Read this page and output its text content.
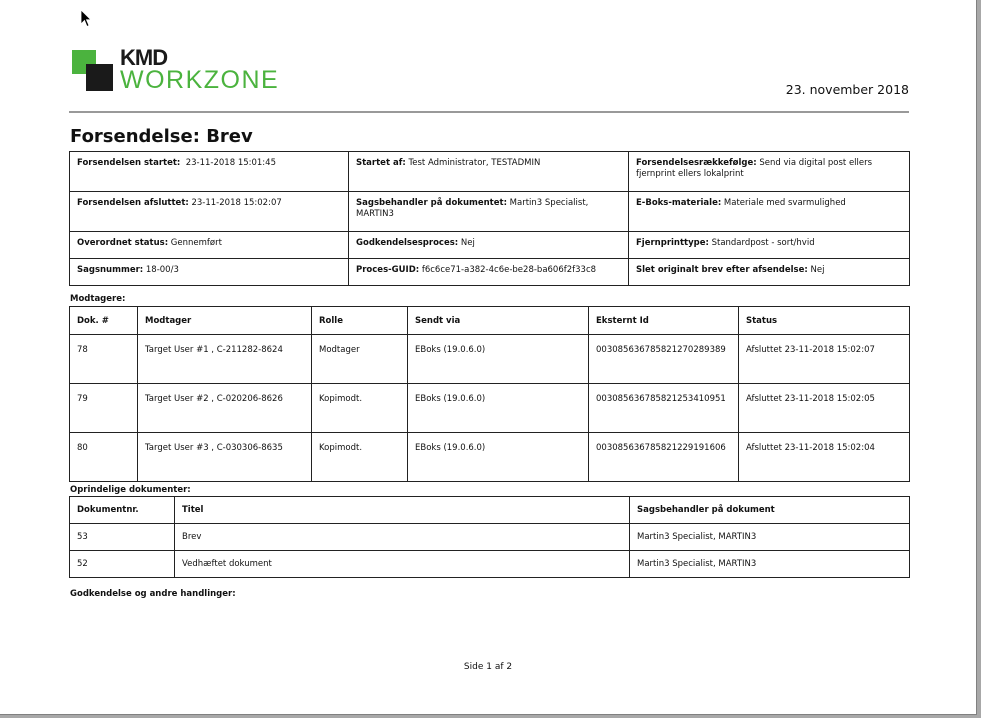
KMD
WORKZONE	23. november 2018
Forsendelse: Brev
Forsendelsen startet:  23-11-2018 15:01:45	Startet af: Test Administrator, TESTADMIN	Forsendelsesrækkefølge: Send via digital post ellers fjernprint ellers lokalprint
Forsendelsen afsluttet: 23-11-2018 15:02:07	Sagsbehandler på dokumentet: Martin3 Specialist, MARTIN3	E-Boks-materiale: Materiale med svarmulighed
Overordnet status: Gennemført	Godkendelsesproces: Nej	Fjernprinttype: Standardpost - sort/hvid
Sagsnummer: 18-00/3	Proces-GUID: f6c6ce71-a382-4c6e-be28-ba606f2f33c8	Slet originalt brev efter afsendelse: Nej
Modtagere:
Dok. #	Modtager	Rolle	Sendt via	Eksternt Id	Status
78	Target User #1 , C-211282-8624	Modtager	EBoks (19.0.6.0)	003085636785821270289389	Afsluttet 23-11-2018 15:02:07
79	Target User #2 , C-020206-8626	Kopimodt.	EBoks (19.0.6.0)	003085636785821253410951	Afsluttet 23-11-2018 15:02:05
80	Target User #3 , C-030306-8635	Kopimodt.	EBoks (19.0.6.0)	003085636785821229191606	Afsluttet 23-11-2018 15:02:04
Oprindelige dokumenter:
Dokumentnr.	Titel	Sagsbehandler på dokument
53	Brev	Martin3 Specialist, MARTIN3
52	Vedhæftet dokument	Martin3 Specialist, MARTIN3
Godkendelse og andre handlinger:
Side 1 af 2
